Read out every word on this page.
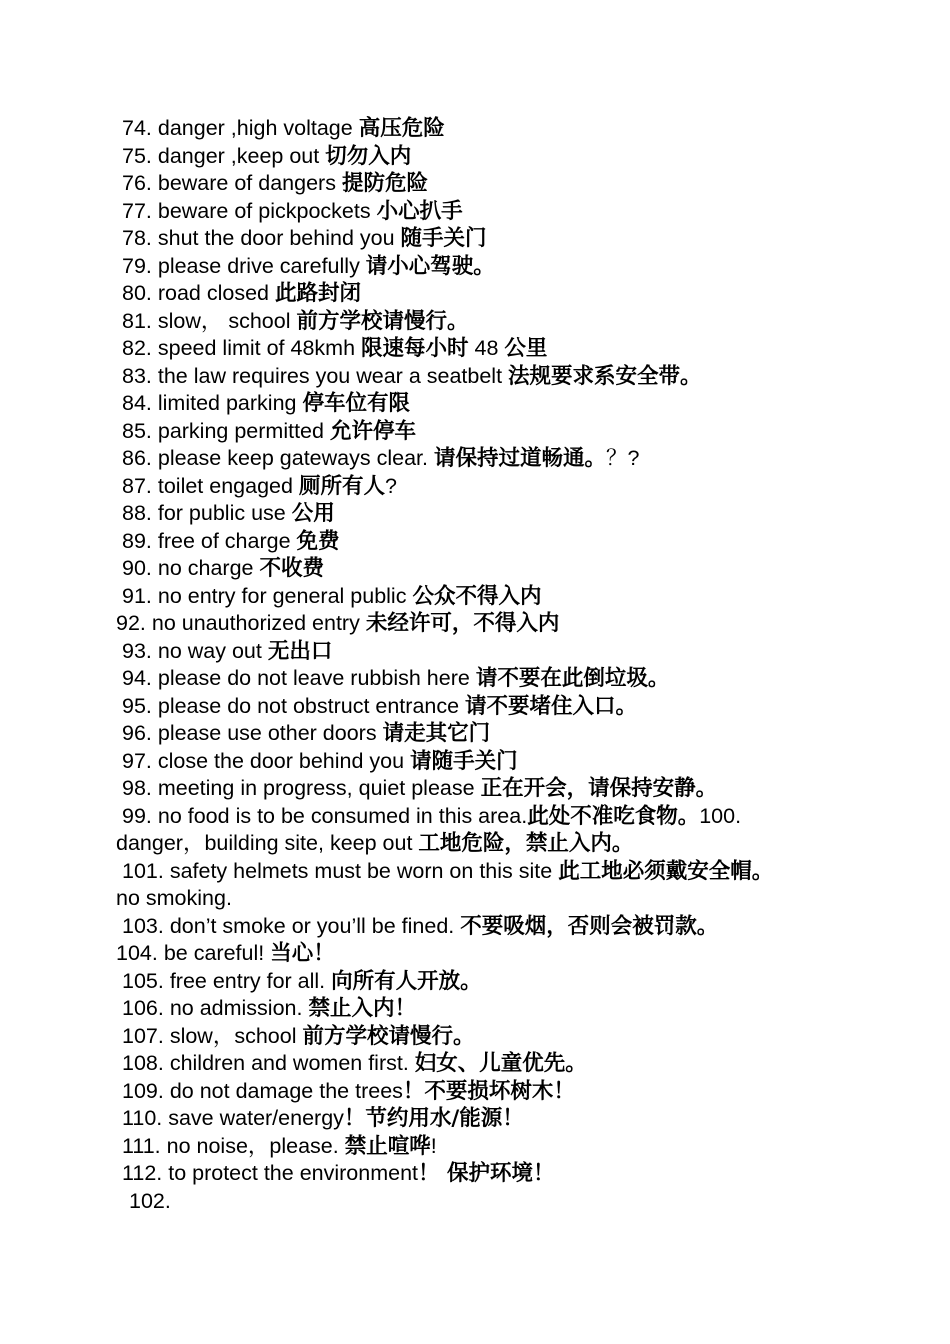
74. danger ,high voltage 高压危险
75. danger ,keep out 切勿入内
76. beware of dangers 提防危险
77. beware of pickpockets 小心扒手
78. shut the door behind you 随手关门
79. please drive carefully 请小心驾驶。
80. road closed 此路封闭
81. slow， school 前方学校请慢行。
82. speed limit of 48kmh 限速每小时 48 公里
83. the law requires you wear a seatbelt 法规要求系安全带。
84. limited parking 停车位有限
85. parking permitted 允许停车
86. please keep gateways clear. 请保持过道畅通。？?
87. toilet engaged 厕所有人?
88. for public use 公用
89. free of charge 免费
90. no charge 不收费
91. no entry for general public 公众不得入内
92. no unauthorized entry 未经许可，不得入内
93. no way out 无出口
94. please do not leave rubbish here 请不要在此倒垃圾。
95. please do not obstruct entrance 请不要堵住入口。
96. please use other doors 请走其它门
97. close the door behind you 请随手关门
98. meeting in progress, quiet please 正在开会，请保持安静。
99. no food is to be consumed in this area.此处不准吃食物。100.
danger，building site, keep out 工地危险，禁止入内。
101. safety helmets must be worn on this site 此工地必须戴安全帽。
no smoking.
103. don’t smoke or you’ll be fined. 不要吸烟，否则会被罚款。
104. be careful! 当心！
105. free entry for all. 向所有人开放。
106. no admission. 禁止入内！
107. slow，school 前方学校请慢行。
108. children and women first. 妇女、儿童优先。
109. do not damage the trees！不要损坏树木！
110. save water/energy！节约用水/能源！
111. no noise，please. 禁止喧哗!
112. to protect the environment！ 保护环境！
102.
